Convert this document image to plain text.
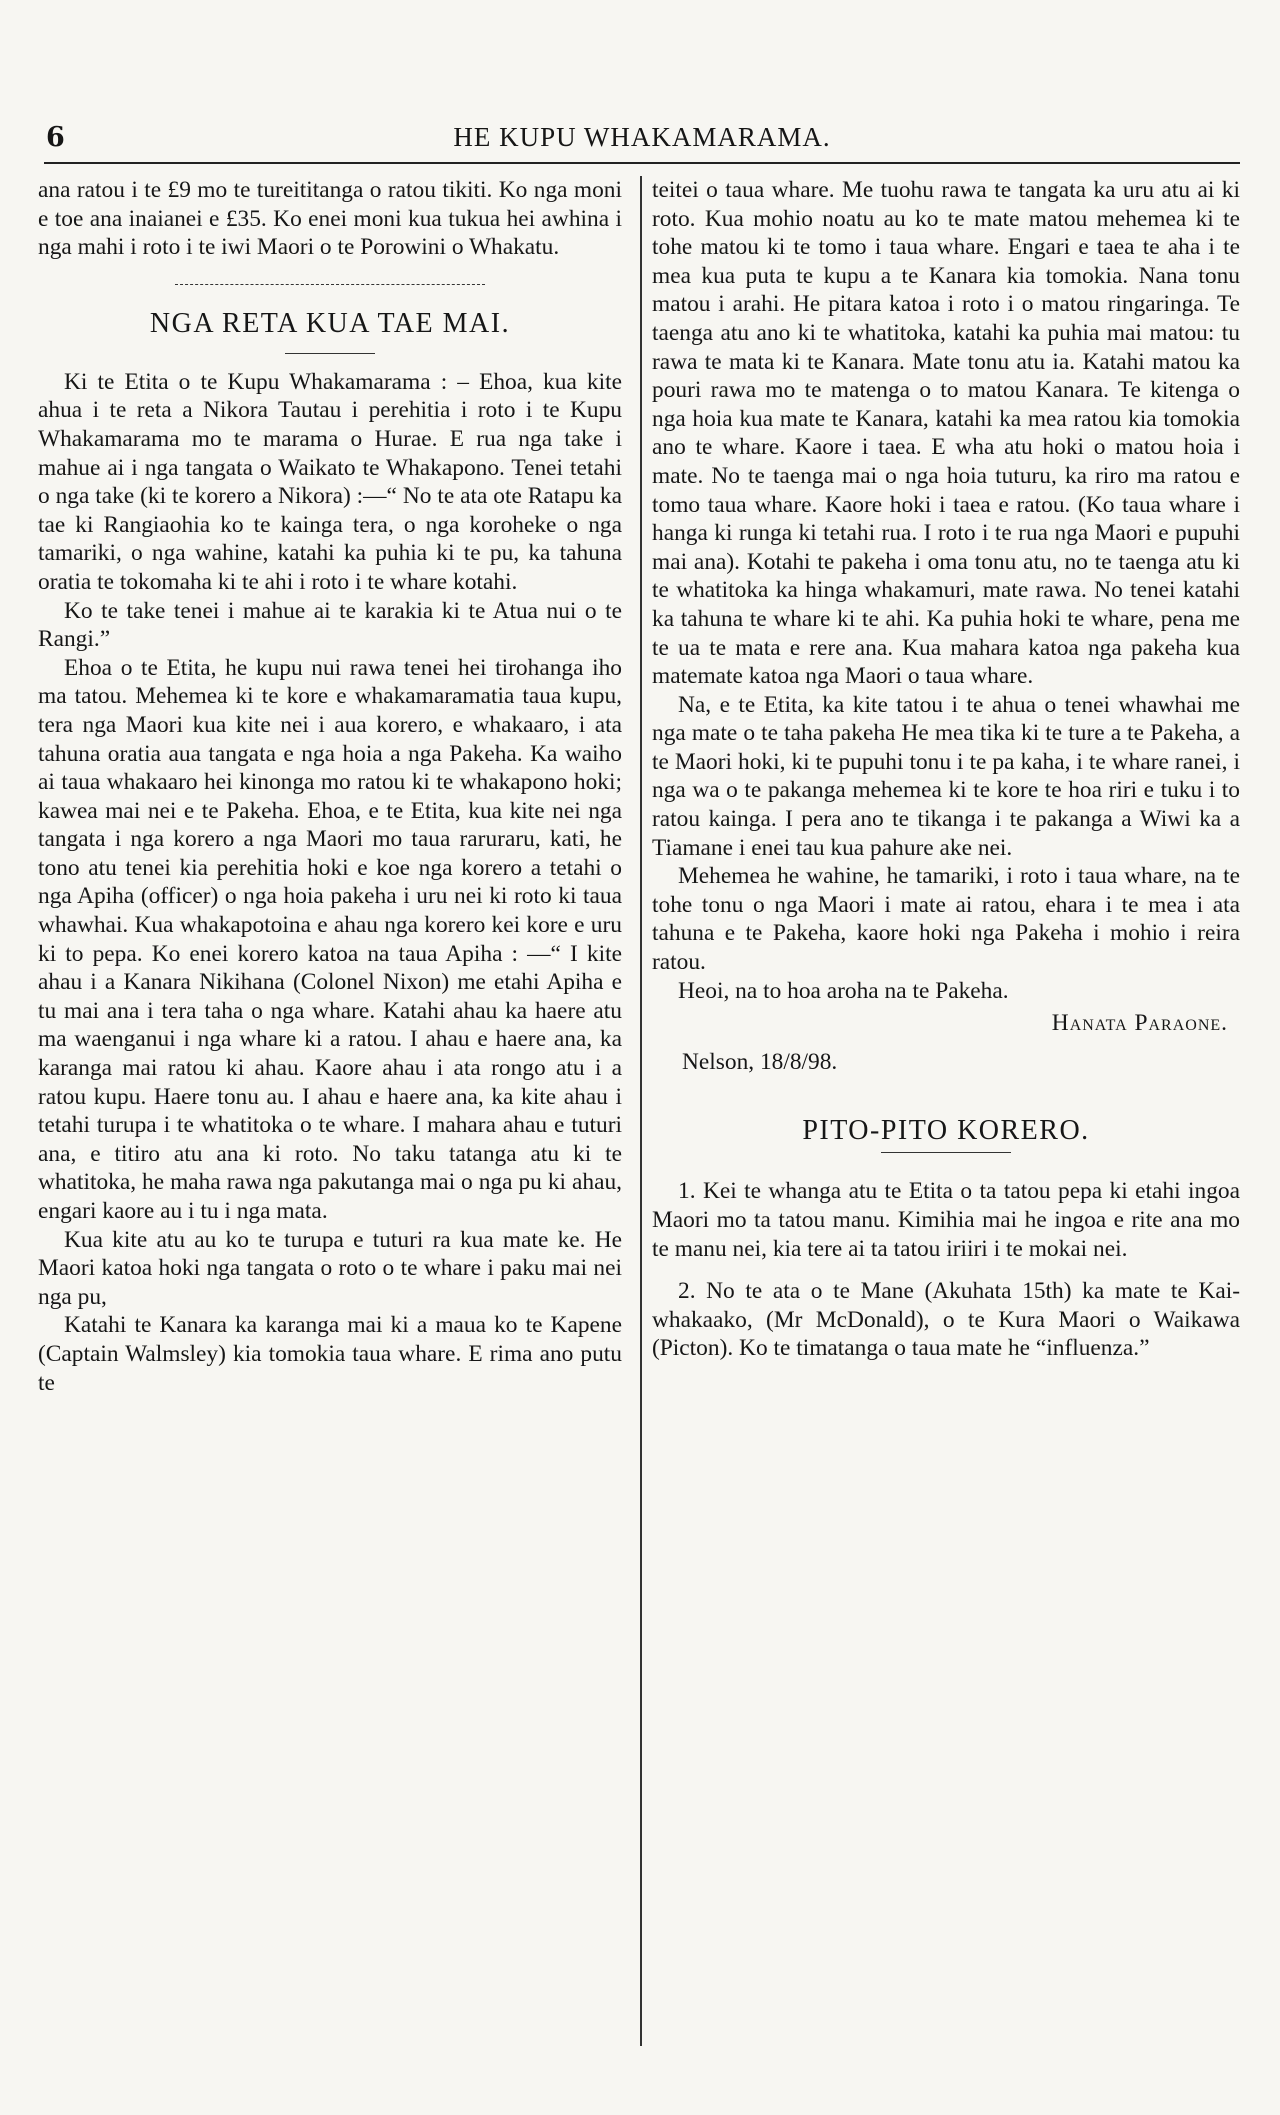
6	HE KUPU WHAKAMARAMA.

ana ratou i te £9 mo te tureititanga o ratou tikiti. Ko nga moni e toe ana inaianei e £35. Ko enei moni kua tukua hei awhina i nga mahi i roto i te iwi Maori o te Porowini o Whakatu.

NGA RETA KUA TAE MAI.

Ki te Etita o te Kupu Whakamarama : – Ehoa, kua kite ahua i te reta a Nikora Tautau i perehitia i roto i te Kupu Whakamarama mo te marama o Hurae. E rua nga take i mahue ai i nga tangata o Waikato te Whakapono. Tenei tetahi o nga take (ki te korero a Nikora) :—“ No te ata ote Ratapu ka tae ki Rangiaohia ko te kainga tera, o nga koroheke o nga tamariki, o nga wahine, katahi ka puhia ki te pu, ka tahuna oratia te tokomaha ki te ahi i roto i te whare kotahi.

Ko te take tenei i mahue ai te karakia ki te Atua nui o te Rangi.”

Ehoa o te Etita, he kupu nui rawa tenei hei tirohanga iho ma tatou. Mehemea ki te kore e whakamaramatia taua kupu, tera nga Maori kua kite nei i aua korero, e whakaaro, i ata tahuna oratia aua tangata e nga hoia a nga Pakeha. Ka waiho ai taua whakaaro hei kinonga mo ratou ki te whakapono hoki; kawea mai nei e te Pakeha. Ehoa, e te Etita, kua kite nei nga tangata i nga korero a nga Maori mo taua raruraru, kati, he tono atu tenei kia perehitia hoki e koe nga korero a tetahi o nga Apiha (officer) o nga hoia pakeha i uru nei ki roto ki taua whawhai. Kua whakapotoina e ahau nga korero kei kore e uru ki to pepa. Ko enei korero katoa na taua Apiha : —“ I kite ahau i a Kanara Nikihana (Colonel Nixon) me etahi Apiha e tu mai ana i tera taha o nga whare. Katahi ahau ka haere atu ma waenganui i nga whare ki a ratou. I ahau e haere ana, ka karanga mai ratou ki ahau. Kaore ahau i ata rongo atu i a ratou kupu. Haere tonu au. I ahau e haere ana, ka kite ahau i tetahi turupa i te whatitoka o te whare. I mahara ahau e tuturi ana, e titiro atu ana ki roto. No taku tatanga atu ki te whatitoka, he maha rawa nga pakutanga mai o nga pu ki ahau, engari kaore au i tu i nga mata.

Kua kite atu au ko te turupa e tuturi ra kua mate ke. He Maori katoa hoki nga tangata o roto o te whare i paku mai nei nga pu,

Katahi te Kanara ka karanga mai ki a maua ko te Kapene (Captain Walmsley) kia tomokia taua whare. E rima ano putu te

teitei o taua whare. Me tuohu rawa te tangata ka uru atu ai ki roto. Kua mohio noatu au ko te mate matou mehemea ki te tohe matou ki te tomo i taua whare. Engari e taea te aha i te mea kua puta te kupu a te Kanara kia tomokia. Nana tonu matou i arahi. He pitara katoa i roto i o matou ringaringa. Te taenga atu ano ki te whatitoka, katahi ka puhia mai matou: tu rawa te mata ki te Kanara. Mate tonu atu ia. Katahi matou ka pouri rawa mo te matenga o to matou Kanara. Te kitenga o nga hoia kua mate te Kanara, katahi ka mea ratou kia tomokia ano te whare. Kaore i taea. E wha atu hoki o matou hoia i mate. No te taenga mai o nga hoia tuturu, ka riro ma ratou e tomo taua whare. Kaore hoki i taea e ratou. (Ko taua whare i hanga ki runga ki tetahi rua. I roto i te rua nga Maori e pupuhi mai ana). Kotahi te pakeha i oma tonu atu, no te taenga atu ki te whatitoka ka hinga whakamuri, mate rawa. No tenei katahi ka tahuna te whare ki te ahi. Ka puhia hoki te whare, pena me te ua te mata e rere ana. Kua mahara katoa nga pakeha kua matemate katoa nga Maori o taua whare.

Na, e te Etita, ka kite tatou i te ahua o tenei whawhai me nga mate o te taha pakeha He mea tika ki te ture a te Pakeha, a te Maori hoki, ki te pupuhi tonu i te pa kaha, i te whare ranei, i nga wa o te pakanga mehemea ki te kore te hoa riri e tuku i to ratou kainga. I pera ano te tikanga i te pakanga a Wiwi ka a Tiamane i enei tau kua pahure ake nei.

Mehemea he wahine, he tamariki, i roto i taua whare, na te tohe tonu o nga Maori i mate ai ratou, ehara i te mea i ata tahuna e te Pakeha, kaore hoki nga Pakeha i mohio i reira ratou.

Heoi, na to hoa aroha na te Pakeha.

Hanata Paraone.

Nelson, 18/8/98.

PITO-PITO KORERO.

1. Kei te whanga atu te Etita o ta tatou pepa ki etahi ingoa Maori mo ta tatou manu. Kimihia mai he ingoa e rite ana mo te manu nei, kia tere ai ta tatou iriiri i te mokai nei.

2. No te ata o te Mane (Akuhata 15th) ka mate te Kai-whakaako, (Mr McDonald), o te Kura Maori o Waikawa (Picton). Ko te timatanga o taua mate he “influenza.”
